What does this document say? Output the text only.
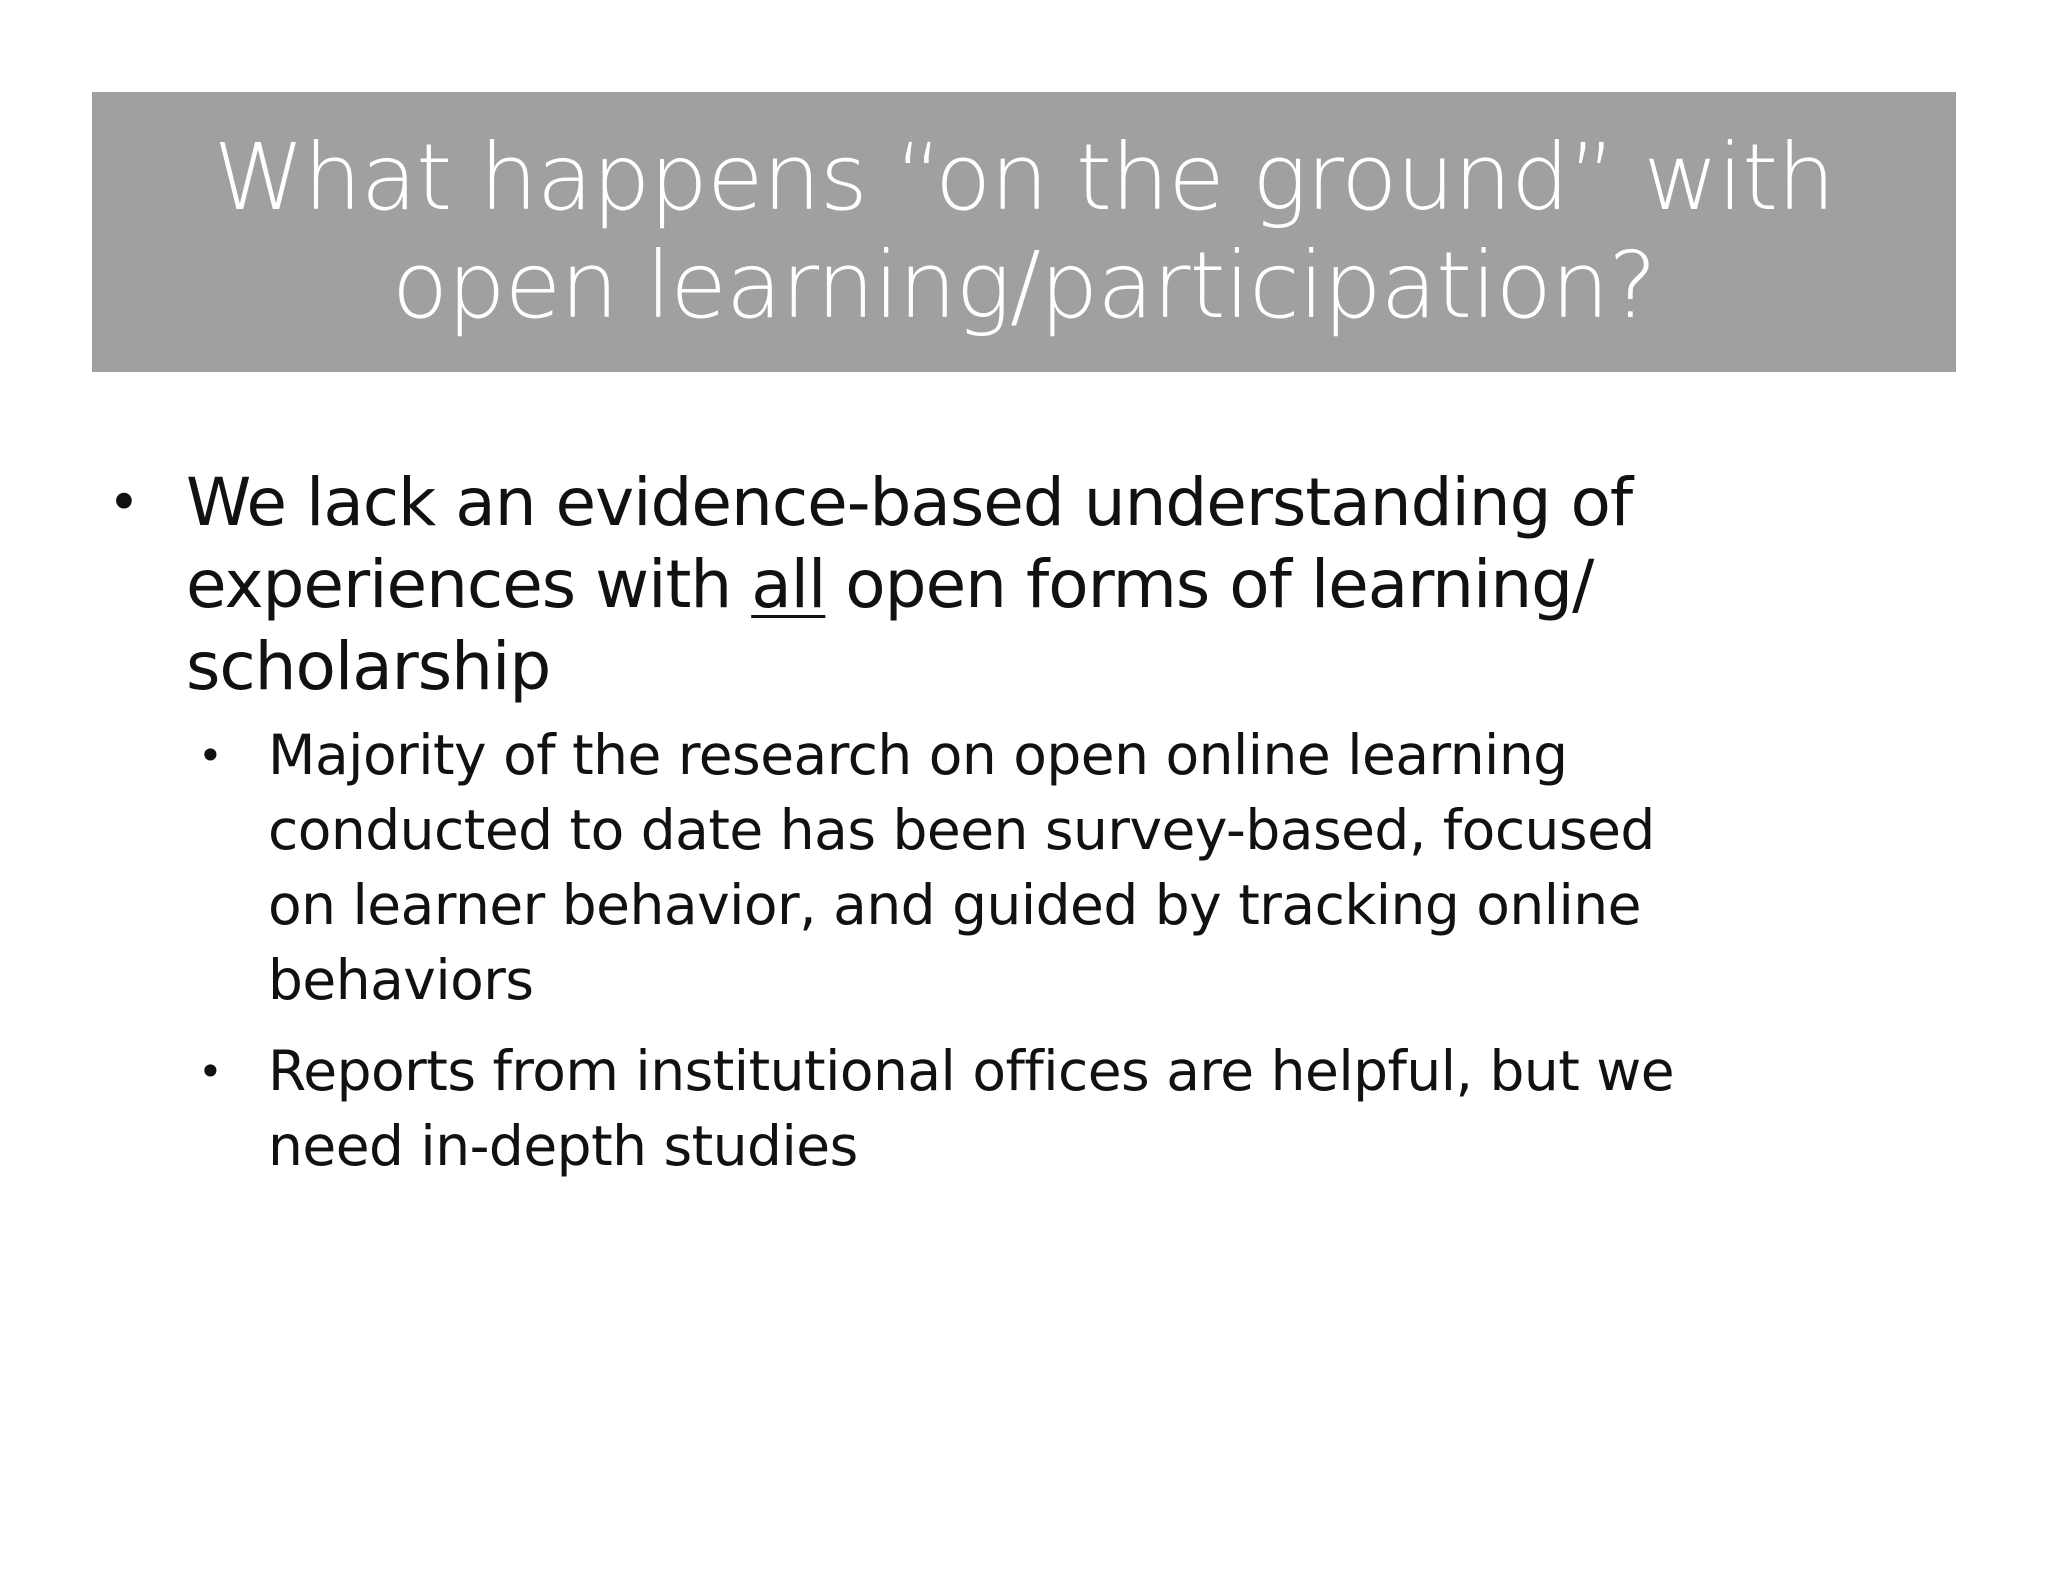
What happens “on the ground” with
open learning/participation?
• We lack an evidence-based understanding of
experiences with all open forms of learning/
scholarship
• Majority of the research on open online learning
conducted to date has been survey-based, focused
on learner behavior, and guided by tracking online
behaviors
• Reports from institutional offices are helpful, but we
need in-depth studies
